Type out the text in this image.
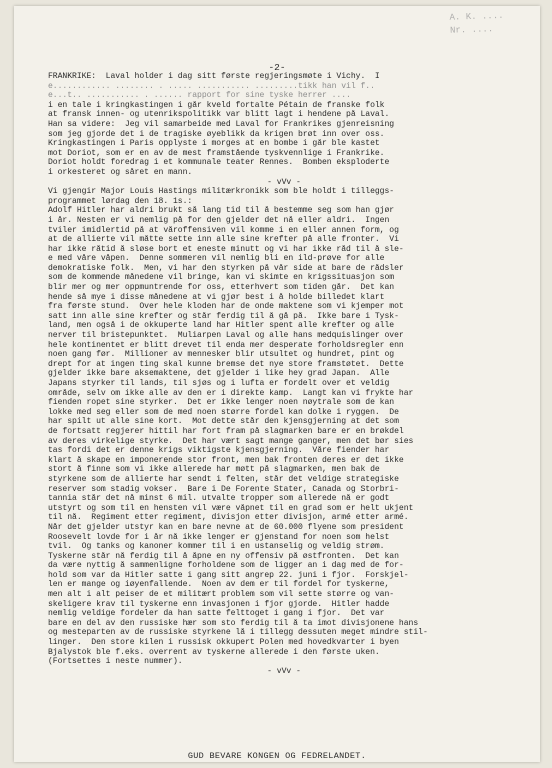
A. K. ....
Nr. ....
-2-
FRANKRIKE:  Laval holder i dag sitt første regjeringsmøte i Vichy.  I
e............ ........ . ..... ........... .........tikk han vil f..
e...t.. ........... . ...... rapport for sine tyske herrer ....
i en tale i kringkastingen i går kveld fortalte Pétain de franske folk
at fransk innen- og utenrikspolitikk var blitt lagt i hendene på Laval.
Han sa videre:  Jeg vil samarbeide med Laval for Frankrikes gjenreisning
som jeg gjorde det i de tragiske øyeblikk da krigen brøt inn over oss.
Kringkastingen i Paris opplyste i morges at en bombe i går ble kastet
mot Doriot, som er en av de mest framstående tyskvennlige i Frankrike.
Doriot holdt foredrag i et kommunale teater Rennes.  Bomben eksploderte
i orkesteret og såret en mann.
- vVv -
Vi gjengir Major Louis Hastings militærkronikk som ble holdt i tilleggs-
programmet lørdag den 18. 1s.:
Adolf Hitler har aldri brukt så lang tid til å bestemme seg som han gjør
i år. Nesten er vi nemlig på for den gjelder det nå eller aldri.  Ingen
tviler imidlertid på at våroffensiven vil komme i en eller annen form, og
at de allierte vil måtte sette inn alle sine krefter på alle fronter.  Vi
har ikke råtid å sløse bort et eneste minutt og vi har ikke råd til å sle-
e med våre våpen.  Denne sommeren vil nemlig bli en ild-prøve for alle
demokratiske folk.  Men, vi har den styrken på vår side at bare de rådsler
som de kommende månedene vil bringe, kan vi skimte en krigssituasjon som
blir mer og mer oppmuntrende for oss, etterhvert som tiden går.  Det kan
hende så mye i disse månedene at vi gjør best i å holde billedet klart
fra første stund.  Over hele kloden har de onde maktene som vi kjemper mot
satt inn alle sine krefter og står ferdig til å gå på.  Ikke bare i Tysk-
land, men også i de okkuperte land har Hitler spent alle krefter og alle
nerver til bristepunktet.  Muliarpen Laval og alle hans medquislinger over
hele kontinentet er blitt drevet til enda mer desperate forholdsregler enn
noen gang før.  Millioner av mennesker blir utsultet og hundret, pint og
drept for at ingen ting skal kunne bremse det nye store framstøtet.  Dette
gjelder ikke bare aksemaktene, det gjelder i like hey grad Japan.  Alle
Japans styrker til lands, til sjøs og i lufta er fordelt over et veldig
område, selv om ikke alle av den er i direkte kamp.  Langt kan vi frykte har
fienden ropet sine styrker.  Det er ikke lenger noen nøytrale som de kan
lokke med seg eller som de med noen større fordel kan dolke i ryggen.  De
har spilt ut alle sine kort.  Mot dette står den kjensgjerning at det som
de fortsatt regjerer hittil har fort fram på slagmarken bare er en brøkdel
av deres virkelige styrke.  Det har vært sagt mange ganger, men det bør sies
tas fordi det er denne krigs viktigste kjensgjerning.  Våre fiender har
klart å skape en imponerende stor front, men bak fronten deres er det ikke
stort å finne som vi ikke allerede har møtt på slagmarken, men bak de
styrkene som de allierte har sendt i felten, står det veldige strategiske
reserver som stadig vokser.  Bare i De Forente Stater, Canada og Storbri-
tannia står det nå minst 6 mil. utvalte tropper som allerede nå er godt
utstyrt og som til en hensten vil være våpnet til en grad som er helt ukjent
til nå.  Regiment etter regiment, divisjon etter divisjon, armé etter armé.
Når det gjelder utstyr kan en bare nevne at de 60.000 flyene som president
Roosevelt lovde for i år nå ikke lenger er gjenstand for noen som helst
tvil.  Og tanks og kanoner kommer til i en ustanselig og veldig strøm.
Tyskerne står nå ferdig til å åpne en ny offensiv på østfronten.  Det kan
da være nyttig å sammenligne forholdene som de ligger an i dag med de for-
hold som var da Hitler satte i gang sitt angrep 22. juni i fjor.  Forskjel-
len er mange og iøyenfallende.  Noen av dem er til fordel for tyskerne,
men alt i alt peiser de et militært problem som vil sette større og van-
skeligere krav til tyskerne enn invasjonen i fjor gjorde.  Hitler hadde
nemlig veldige fordeler da han satte felttoget i gang i fjor.  Det var
bare en del av den russiske hær som sto ferdig til å ta imot divisjonene hans
og mesteparten av de russiske styrkene lå i tillegg dessuten meget mindre stil-
linger.  Den store kilen i russisk okkupert Polen med hovedkvarter i byen
Bjalystok ble f.eks. overrent av tyskerne allerede i den første uken.
(Fortsettes i neste nummer).
- vVv -
GUD BEVARE KONGEN OG FEDRELANDET.
